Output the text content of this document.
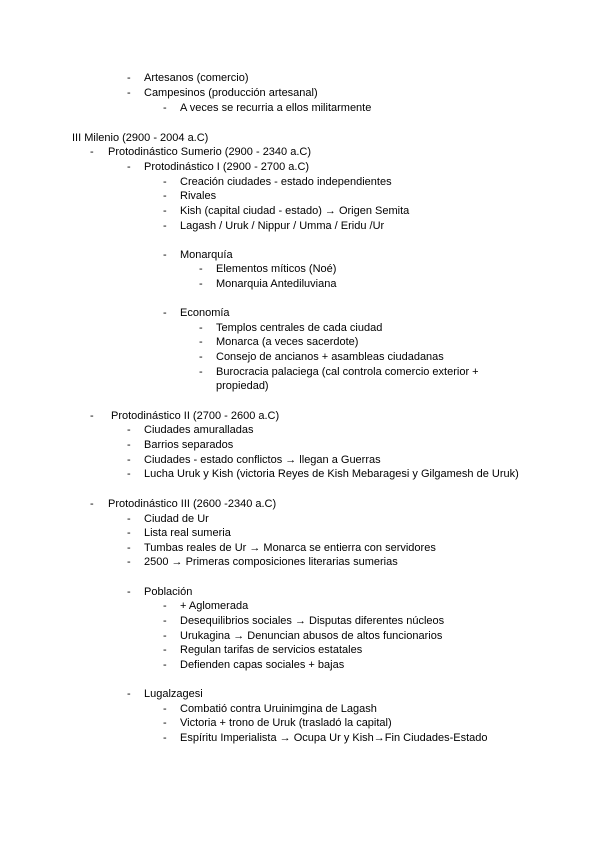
- Artesanos (comercio)
- Campesinos (producción artesanal)
- A veces se recurria a ellos militarmente
III Milenio (2900 - 2004 a.C)
- Protodinástico Sumerio (2900 - 2340 a.C)
- Protodinástico I (2900 - 2700 a.C)
- Creación ciudades - estado independientes
- Rivales
- Kish (capital ciudad - estado) → Origen Semita
- Lagash / Uruk / Nippur / Umma / Eridu /Ur
- Monarquía
- Elementos míticos (Noé)
- Monarquia Antediluviana
- Economía
- Templos centrales de cada ciudad
- Monarca (a veces sacerdote)
- Consejo de ancianos + asambleas ciudadanas
- Burocracia palaciega (cal controla comercio exterior +
propiedad)
- Protodinástico II (2700 - 2600 a.C)
- Ciudades amuralladas
- Barrios separados
- Ciudades - estado conflictos → llegan a Guerras
- Lucha Uruk y Kish (victoria Reyes de Kish Mebaragesi y Gilgamesh de Uruk)
- Protodinástico III (2600 -2340 a.C)
- Ciudad de Ur
- Lista real sumeria
- Tumbas reales de Ur → Monarca se entierra con servidores
- 2500 → Primeras composiciones literarias sumerias
- Población
- + Aglomerada
- Desequilibrios sociales → Disputas diferentes núcleos
- Urukagina → Denuncian abusos de altos funcionarios
- Regulan tarifas de servicios estatales
- Defienden capas sociales + bajas
- Lugalzagesi
- Combatió contra Uruinimgina de Lagash
- Victoria + trono de Uruk (trasladó la capital)
- Espíritu Imperialista → Ocupa Ur y Kish→Fin Ciudades-Estado
